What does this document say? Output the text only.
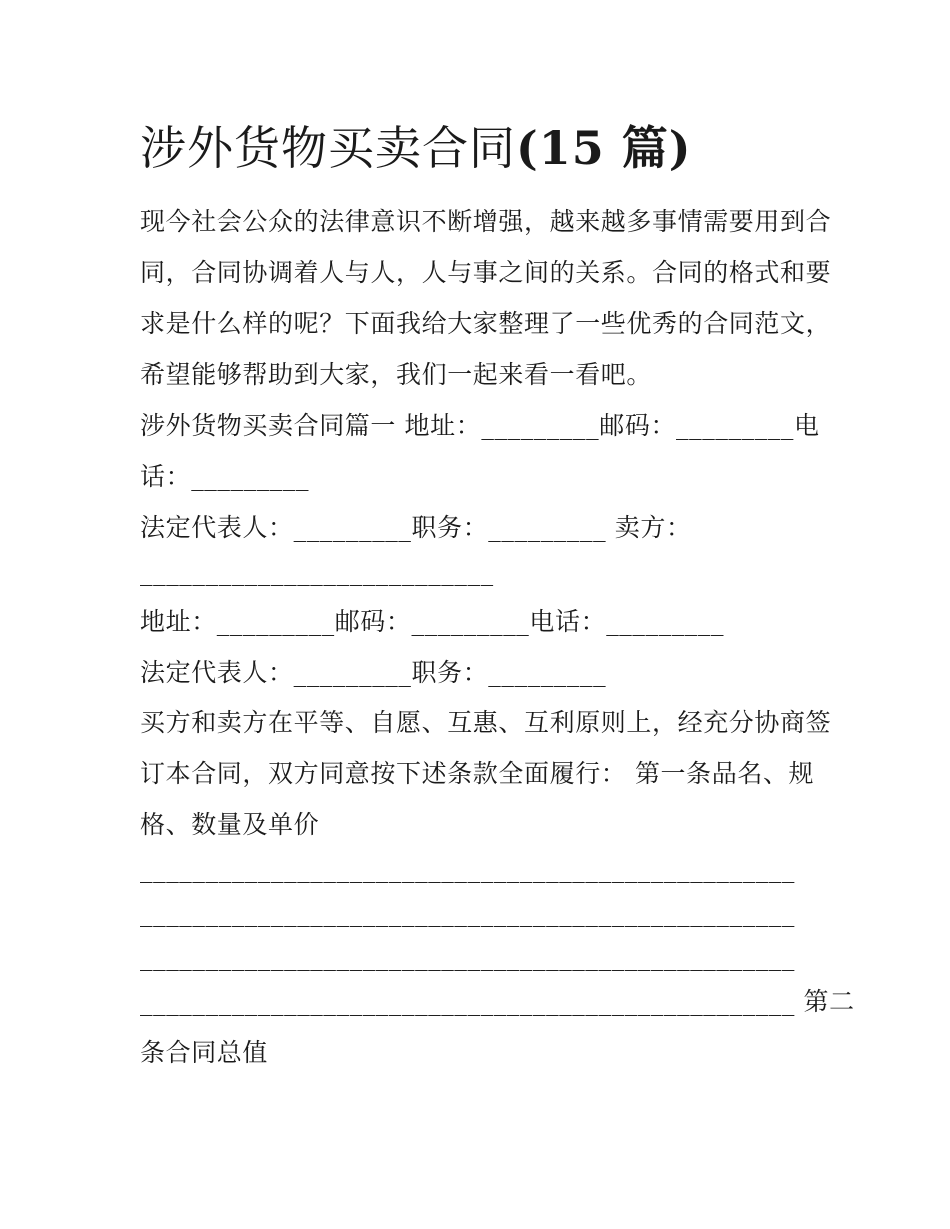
涉外货物买卖合同(15 篇)
现今社会公众的法律意识不断增强，越来越多事情需要用到合
同，合同协调着人与人，人与事之间的关系。合同的格式和要
求是什么样的呢？下面我给大家整理了一些优秀的合同范文，
希望能够帮助到大家，我们一起来看一看吧。
涉外货物买卖合同篇一 地址：_________邮码：_________电
话：_________
法定代表人：_________职务：_________ 卖方：
___________________________
地址：_________邮码：_________电话：_________
法定代表人：_________职务：_________
买方和卖方在平等、自愿、互惠、互利原则上，经充分协商签
订本合同，双方同意按下述条款全面履行： 第一条品名、规
格、数量及单价
__________________________________________________
__________________________________________________
__________________________________________________
__________________________________________________ 第二
条合同总值
